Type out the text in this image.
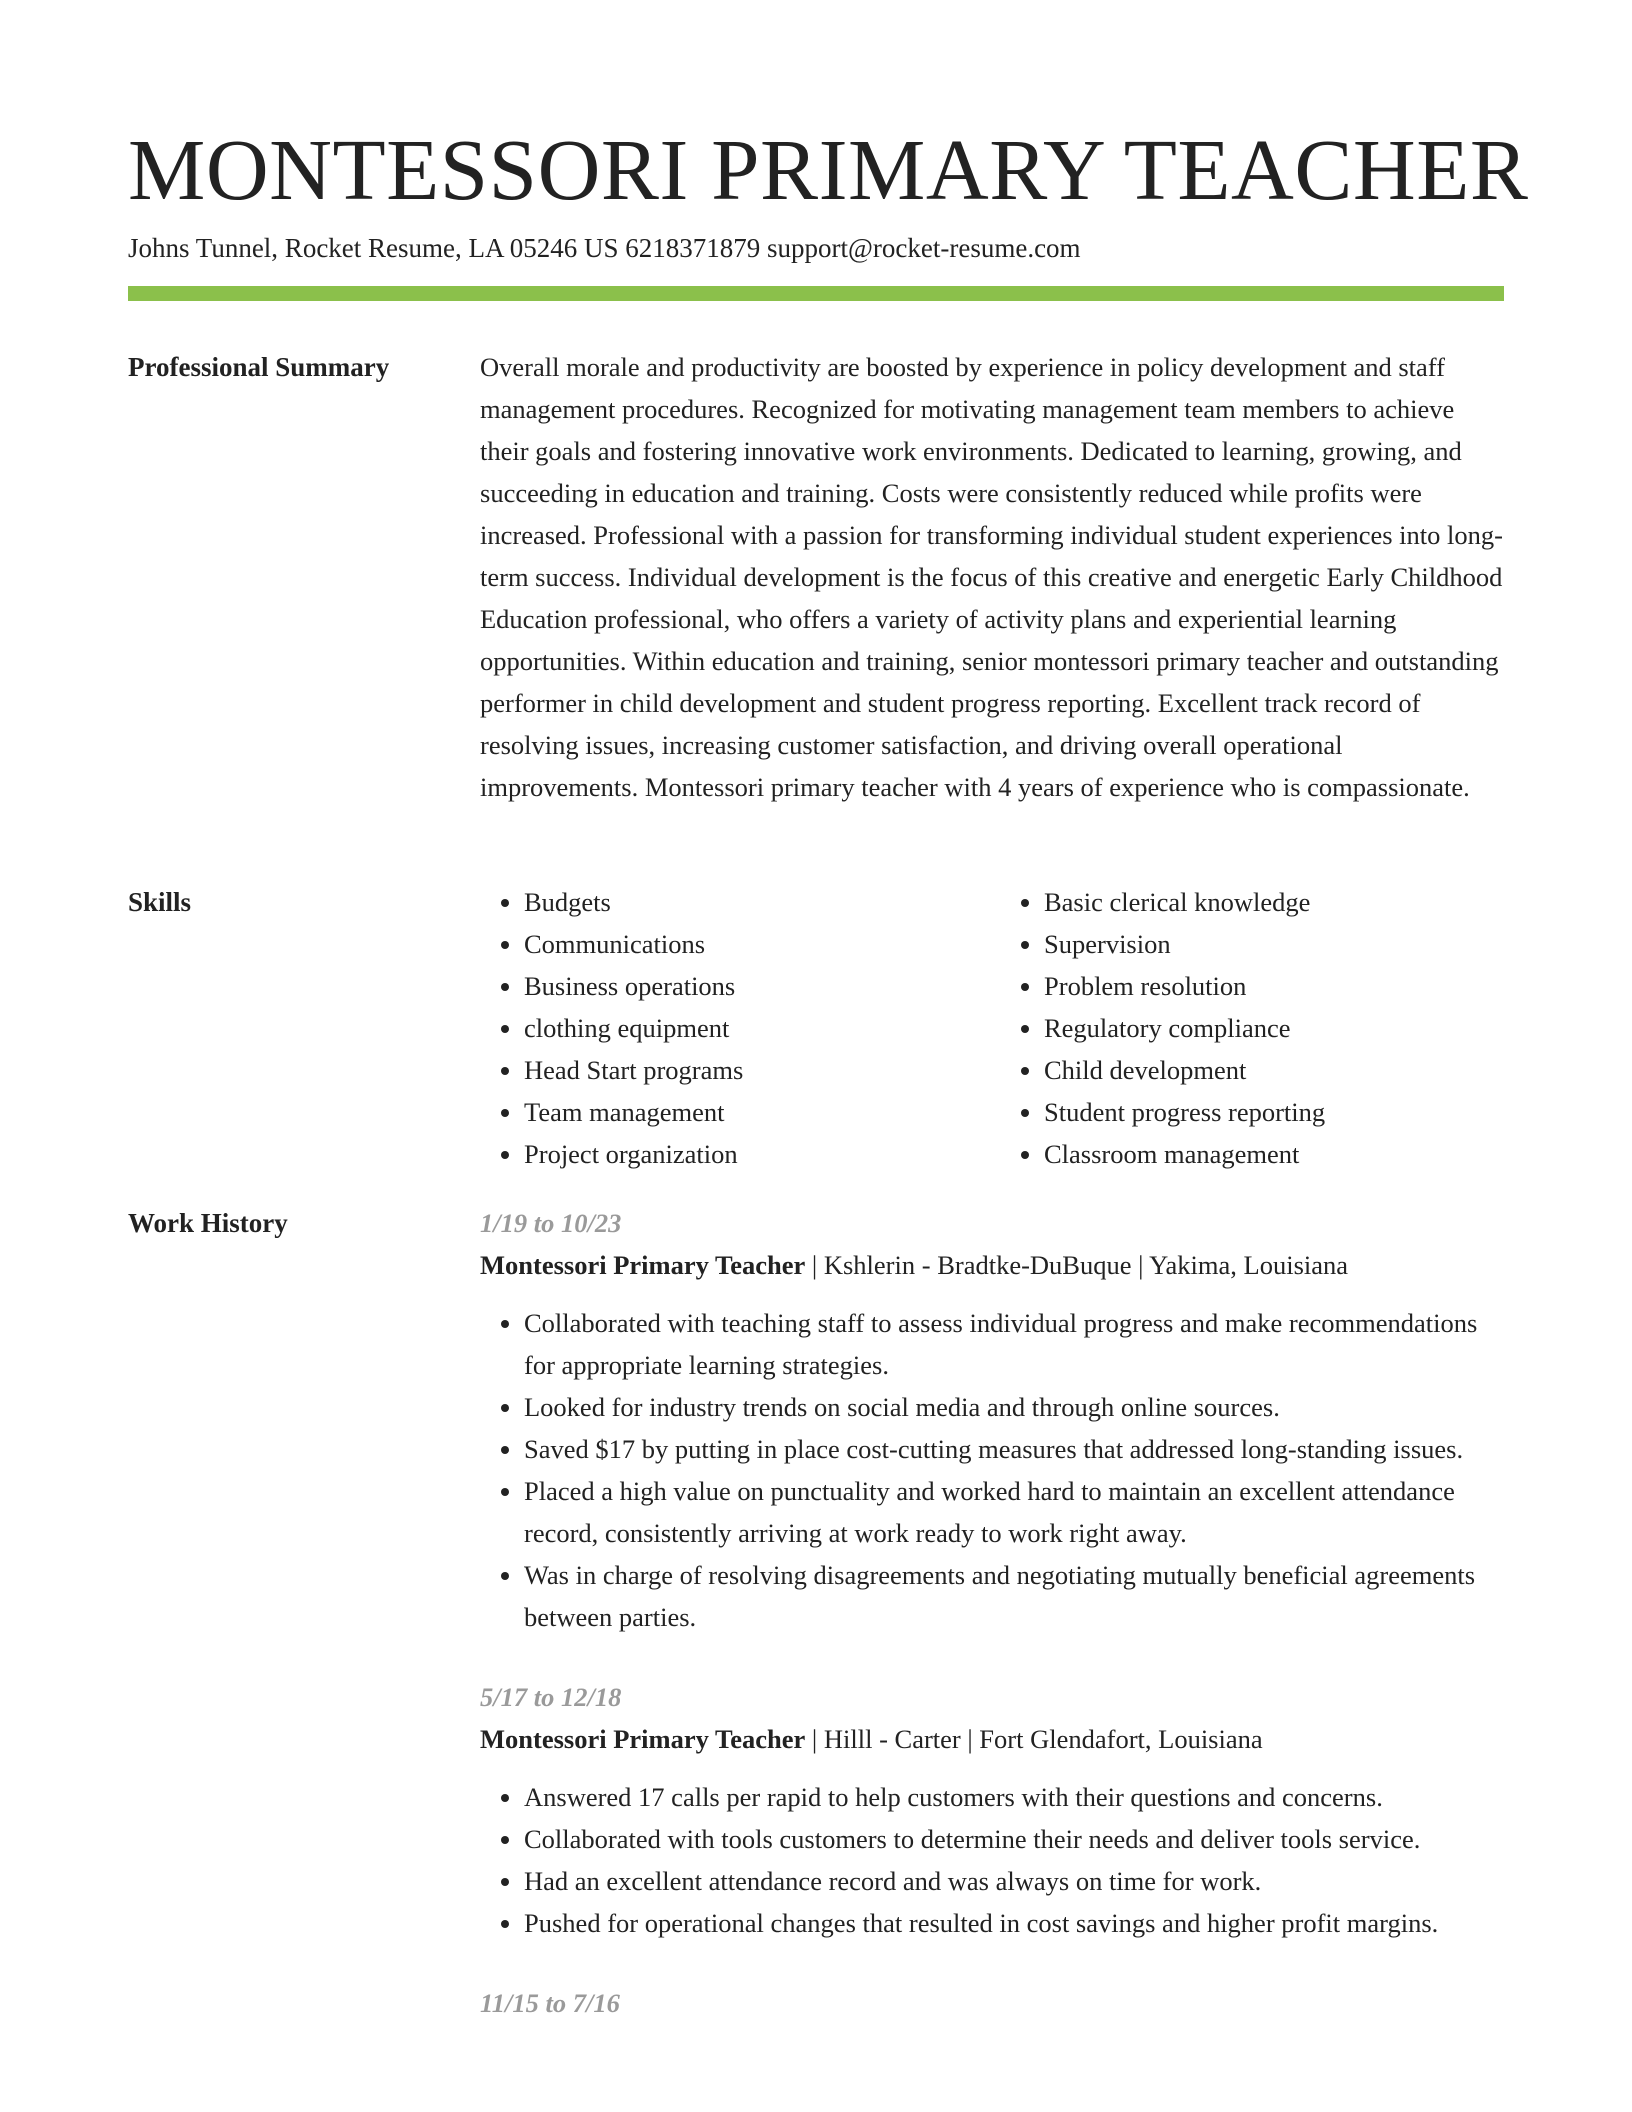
MONTESSORI PRIMARY TEACHER
Johns Tunnel, Rocket Resume, LA 05246 US 6218371879 support@rocket-resume.com
Professional Summary	Overall morale and productivity are boosted by experience in policy development and staff management procedures. Recognized for motivating management team members to achieve their goals and fostering innovative work environments. Dedicated to learning, growing, and succeeding in education and training. Costs were consistently reduced while profits were increased. Professional with a passion for transforming individual student experiences into long-term success. Individual development is the focus of this creative and energetic Early Childhood Education professional, who offers a variety of activity plans and experiential learning opportunities. Within education and training, senior montessori primary teacher and outstanding performer in child development and student progress reporting. Excellent track record of resolving issues, increasing customer satisfaction, and driving overall operational improvements. Montessori primary teacher with 4 years of experience who is compassionate.

Skills
•	Budgets
• Communications
• Business operations
• clothing equipment
• Head Start programs
• Team management
• Project organization
• Basic clerical knowledge
• Supervision
• Problem resolution
• Regulatory compliance
• Child development
• Student progress reporting
• Classroom management
Work History	1/19 to 10/23
Montessori Primary Teacher | Kshlerin - Bradtke-DuBuque | Yakima, Louisiana
• Collaborated with teaching staff to assess individual progress and make recommendations for appropriate learning strategies.
• Looked for industry trends on social media and through online sources.
• Saved $17 by putting in place cost-cutting measures that addressed long-standing issues.
• Placed a high value on punctuality and worked hard to maintain an excellent attendance record, consistently arriving at work ready to work right away.
• Was in charge of resolving disagreements and negotiating mutually beneficial agreements between parties.
5/17 to 12/18
Montessori Primary Teacher | Hilll - Carter | Fort Glendafort, Louisiana
• Answered 17 calls per rapid to help customers with their questions and concerns.
• Collaborated with tools customers to determine their needs and deliver tools service.
• Had an excellent attendance record and was always on time for work.
• Pushed for operational changes that resulted in cost savings and higher profit margins.
11/15 to 7/16
